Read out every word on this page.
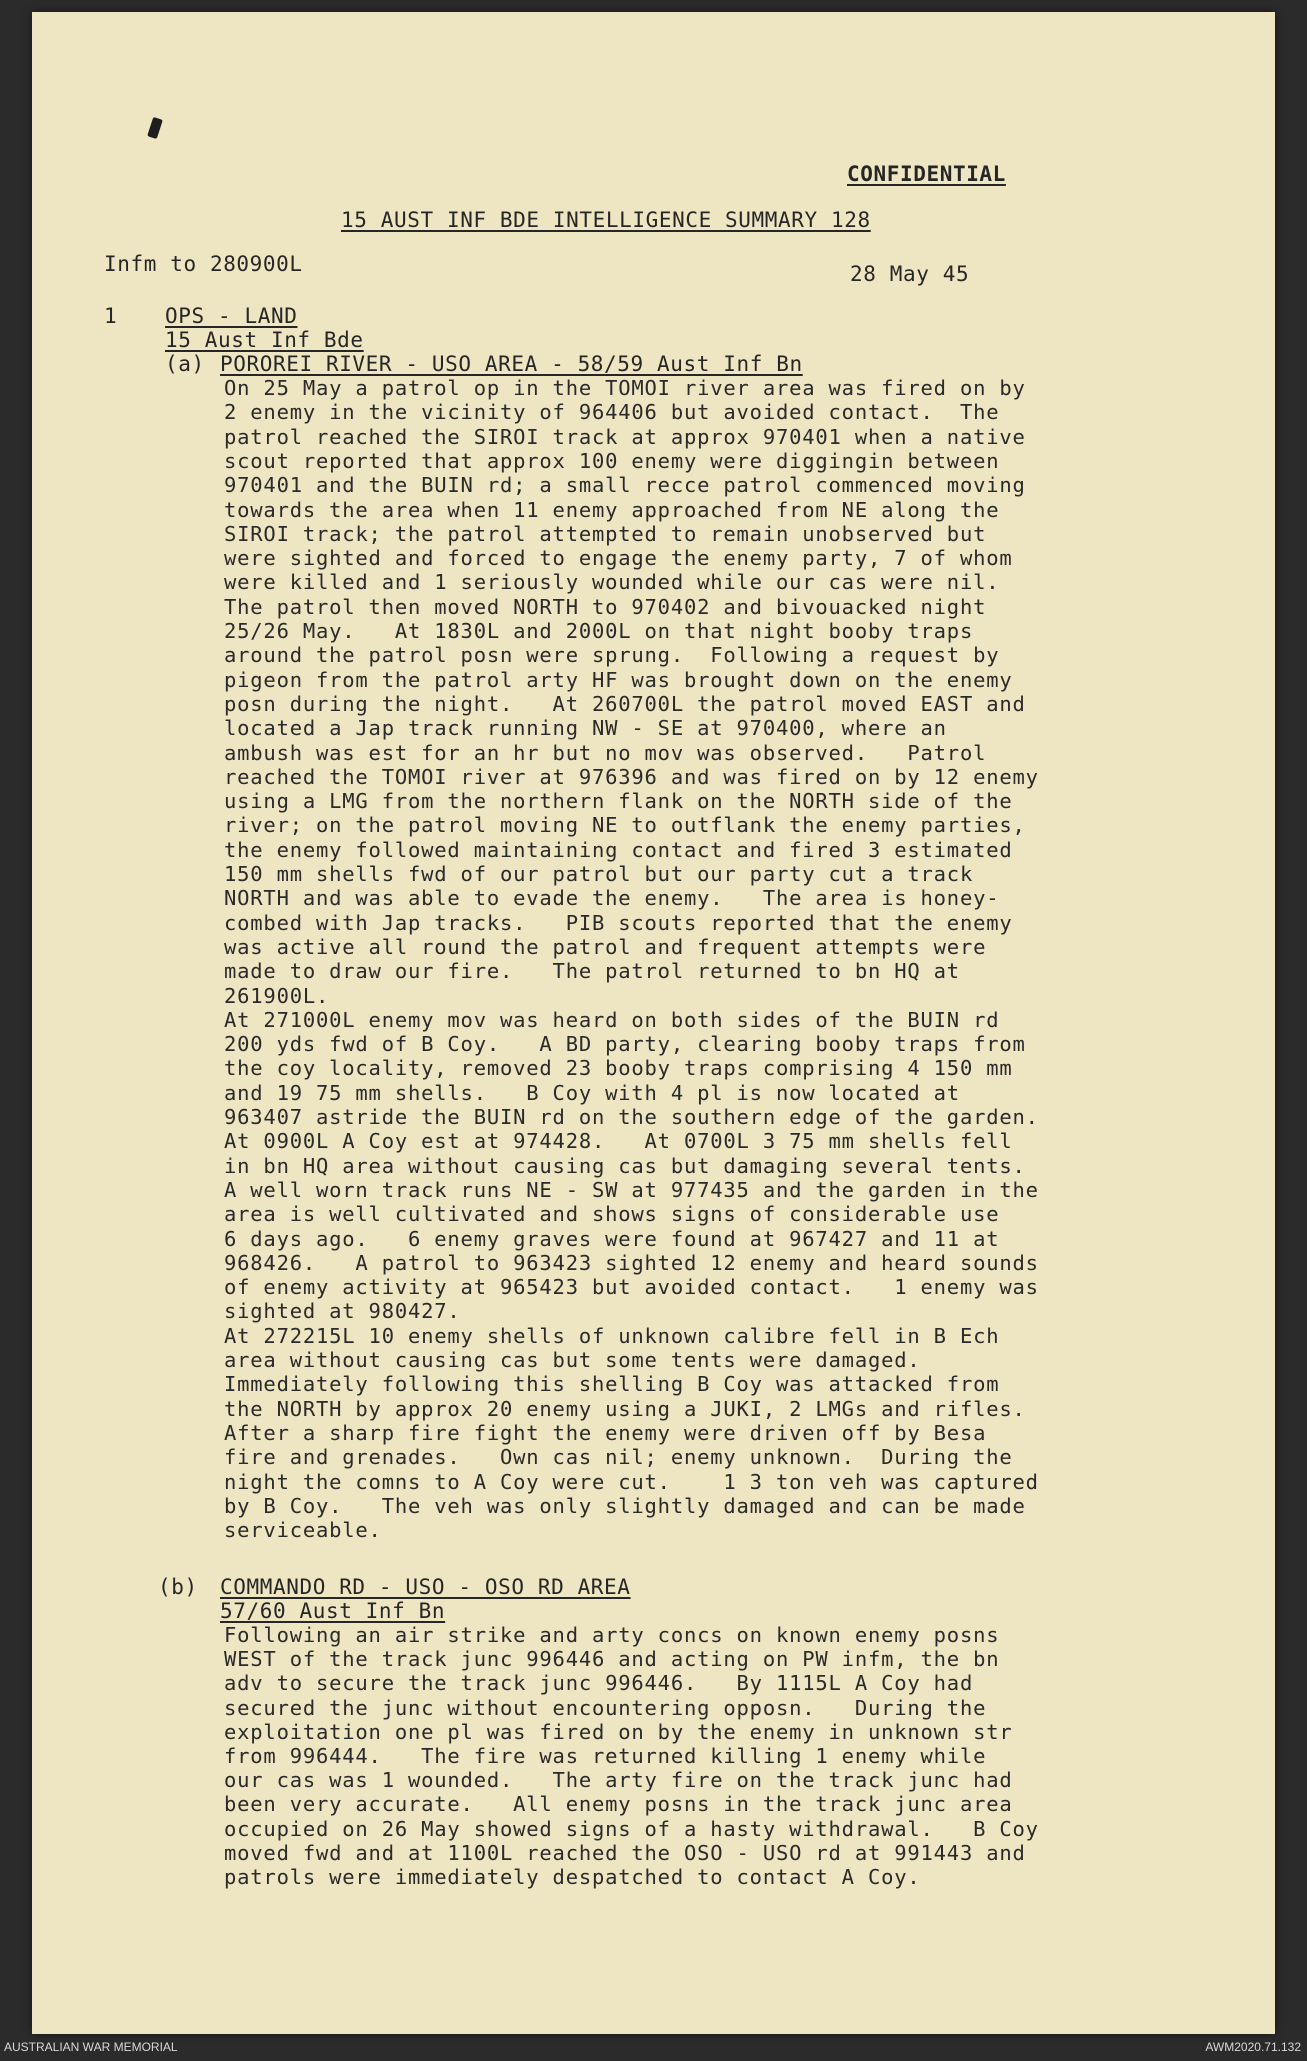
CONFIDENTIAL
15 AUST INF BDE INTELLIGENCE SUMMARY 128
Infm to 280900L	28 May 45
1 OPS - LAND
15 Aust Inf Bde
(a) POROREI RIVER - USO AREA - 58/59 Aust Inf Bn
On 25 May a patrol op in the TOMOI river area was fired on by
2 enemy in the vicinity of 964406 but avoided contact.  The
patrol reached the SIROI track at approx 970401 when a native
scout reported that approx 100 enemy were diggingin between
970401 and the BUIN rd; a small recce patrol commenced moving
towards the area when 11 enemy approached from NE along the
SIROI track; the patrol attempted to remain unobserved but
were sighted and forced to engage the enemy party, 7 of whom
were killed and 1 seriously wounded while our cas were nil.
The patrol then moved NORTH to 970402 and bivouacked night
25/26 May.   At 1830L and 2000L on that night booby traps
around the patrol posn were sprung.  Following a request by
pigeon from the patrol arty HF was brought down on the enemy
posn during the night.   At 260700L the patrol moved EAST and
located a Jap track running NW - SE at 970400, where an
ambush was est for an hr but no mov was observed.   Patrol
reached the TOMOI river at 976396 and was fired on by 12 enemy
using a LMG from the northern flank on the NORTH side of the
river; on the patrol moving NE to outflank the enemy parties,
the enemy followed maintaining contact and fired 3 estimated
150 mm shells fwd of our patrol but our party cut a track
NORTH and was able to evade the enemy.   The area is honey-
combed with Jap tracks.   PIB scouts reported that the enemy
was active all round the patrol and frequent attempts were
made to draw our fire.   The patrol returned to bn HQ at
261900L.
At 271000L enemy mov was heard on both sides of the BUIN rd
200 yds fwd of B Coy.   A BD party, clearing booby traps from
the coy locality, removed 23 booby traps comprising 4 150 mm
and 19 75 mm shells.   B Coy with 4 pl is now located at
963407 astride the BUIN rd on the southern edge of the garden.
At 0900L A Coy est at 974428.   At 0700L 3 75 mm shells fell
in bn HQ area without causing cas but damaging several tents.
A well worn track runs NE - SW at 977435 and the garden in the
area is well cultivated and shows signs of considerable use
6 days ago.   6 enemy graves were found at 967427 and 11 at
968426.   A patrol to 963423 sighted 12 enemy and heard sounds
of enemy activity at 965423 but avoided contact.   1 enemy was
sighted at 980427.
At 272215L 10 enemy shells of unknown calibre fell in B Ech
area without causing cas but some tents were damaged.
Immediately following this shelling B Coy was attacked from
the NORTH by approx 20 enemy using a JUKI, 2 LMGs and rifles.
After a sharp fire fight the enemy were driven off by Besa
fire and grenades.   Own cas nil; enemy unknown.  During the
night the comns to A Coy were cut.    1 3 ton veh was captured
by B Coy.   The veh was only slightly damaged and can be made
serviceable.
(b) COMMANDO RD - USO - OSO RD AREA
57/60 Aust Inf Bn
Following an air strike and arty concs on known enemy posns
WEST of the track junc 996446 and acting on PW infm, the bn
adv to secure the track junc 996446.   By 1115L A Coy had
secured the junc without encountering opposn.   During the
exploitation one pl was fired on by the enemy in unknown str
from 996444.   The fire was returned killing 1 enemy while
our cas was 1 wounded.   The arty fire on the track junc had
been very accurate.   All enemy posns in the track junc area
occupied on 26 May showed signs of a hasty withdrawal.   B Coy
moved fwd and at 1100L reached the OSO - USO rd at 991443 and
patrols were immediately despatched to contact A Coy.
AUSTRALIAN WAR MEMORIAL	AWM2020.71.132
